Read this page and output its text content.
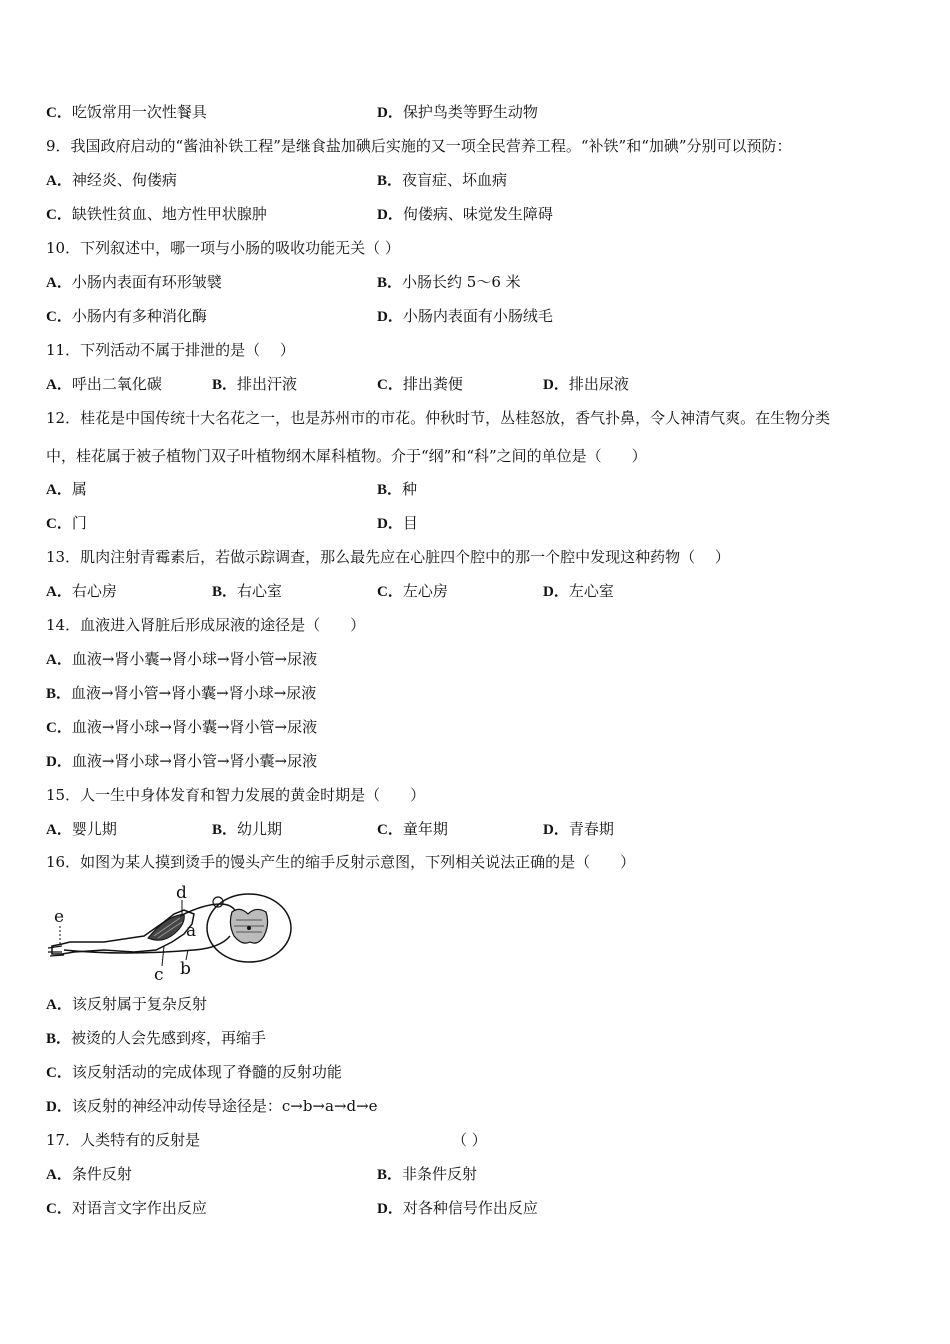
C．吃饭常用一次性餐具	D．保护鸟类等野生动物
9．我国政府启动的“酱油补铁工程”是继食盐加碘后实施的又一项全民营养工程。“补铁”和“加碘”分别可以预防：
A．神经炎、佝偻病	B．夜盲症、坏血病
C．缺铁性贫血、地方性甲状腺肿	D．佝偻病、味觉发生障碍
10．下列叙述中，哪一项与小肠的吸收功能无关（ ）
A．小肠内表面有环形皱襞	B．小肠长约 5～6 米
C．小肠内有多种消化酶	D．小肠内表面有小肠绒毛
11．下列活动不属于排泄的是（　 ）
A．呼出二氧化碳	B．排出汗液	C．排出粪便	D．排出尿液
12．桂花是中国传统十大名花之一，也是苏州市的市花。仲秋时节，丛桂怒放，香气扑鼻，令人神清气爽。在生物分类
中，桂花属于被子植物门双子叶植物纲木犀科植物。介于“纲”和“科”之间的单位是（　　）
A．属	B．种
C．门	D．目
13．肌肉注射青霉素后，若做示踪调查，那么最先应在心脏四个腔中的那一个腔中发现这种药物（　 ）
A．右心房	B．右心室	C．左心房	D．左心室
14．血液进入肾脏后形成尿液的途径是（　　）
A．血液→肾小囊→肾小球→肾小管→尿液
B．血液→肾小管→肾小囊→肾小球→尿液
C．血液→肾小球→肾小囊→肾小管→尿液
D．血液→肾小球→肾小管→肾小囊→尿液
15．人一生中身体发育和智力发展的黄金时期是（　　）
A．婴儿期	B．幼儿期	C．童年期	D．青春期
16．如图为某人摸到烫手的馒头产生的缩手反射示意图，下列相关说法正确的是（　　）
e
d
a
b
c
A．该反射属于复杂反射
B．被烫的人会先感到疼，再缩手
C．该反射活动的完成体现了脊髓的反射功能
D．该反射的神经冲动传导途径是：c→b→a→d→e
17．人类特有的反射是	（ ）
A．条件反射	B．非条件反射
C．对语言文字作出反应	D．对各种信号作出反应
